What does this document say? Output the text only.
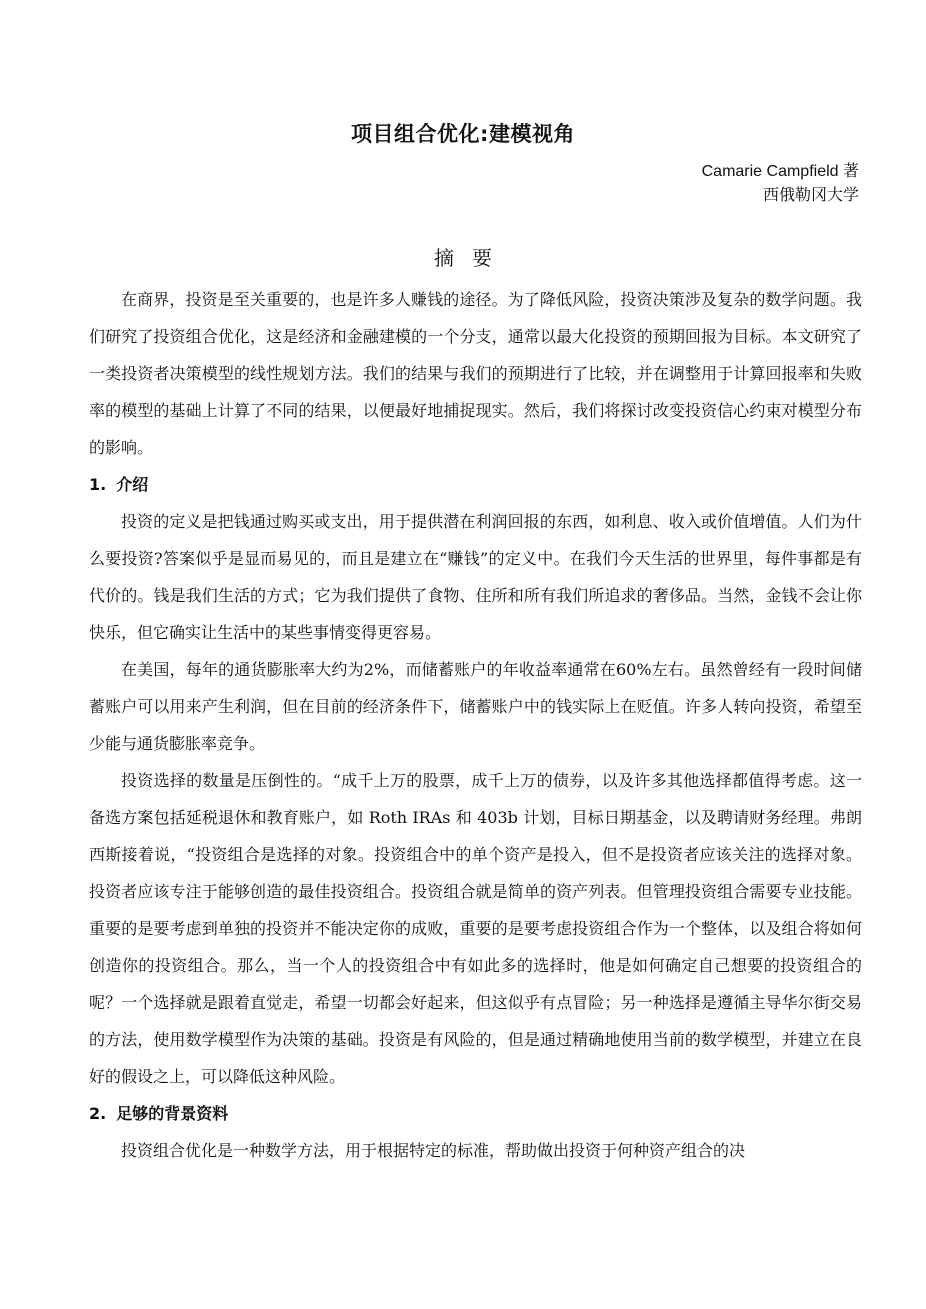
项目组合优化:建模视角
Camarie Campfield 著
西俄勒冈大学
摘要

在商界，投资是至关重要的，也是许多人赚钱的途径。为了降低风险，投资决策涉及复杂的数学问题。我们研究了投资组合优化，这是经济和金融建模的一个分支，通常以最大化投资的预期回报为目标。本文研究了一类投资者决策模型的线性规划方法。我们的结果与我们的预期进行了比较，并在调整用于计算回报率和失败率的模型的基础上计算了不同的结果，以便最好地捕捉现实。然后，我们将探讨改变投资信心约束对模型分布的影响。

1. 介绍

投资的定义是把钱通过购买或支出，用于提供潜在利润回报的东西，如利息、收入或价值增值。人们为什么要投资?答案似乎是显而易见的，而且是建立在“赚钱”的定义中。在我们今天生活的世界里，每件事都是有代价的。钱是我们生活的方式；它为我们提供了食物、住所和所有我们所追求的奢侈品。当然，金钱不会让你快乐，但它确实让生活中的某些事情变得更容易。

在美国，每年的通货膨胀率大约为2%，而储蓄账户的年收益率通常在60%左右。虽然曾经有一段时间储蓄账户可以用来产生利润，但在目前的经济条件下，储蓄账户中的钱实际上在贬值。许多人转向投资，希望至少能与通货膨胀率竞争。

投资选择的数量是压倒性的。“成千上万的股票，成千上万的债券，以及许多其他选择都值得考虑。这一备选方案包括延税退休和教育账户，如 Roth IRAs 和 403b 计划，目标日期基金，以及聘请财务经理。弗朗西斯接着说，“投资组合是选择的对象。投资组合中的单个资产是投入，但不是投资者应该关注的选择对象。投资者应该专注于能够创造的最佳投资组合。投资组合就是简单的资产列表。但管理投资组合需要专业技能。重要的是要考虑到单独的投资并不能决定你的成败，重要的是要考虑投资组合作为一个整体，以及组合将如何创造你的投资组合。那么，当一个人的投资组合中有如此多的选择时，他是如何确定自己想要的投资组合的呢？一个选择就是跟着直觉走，希望一切都会好起来，但这似乎有点冒险；另一种选择是遵循主导华尔街交易的方法，使用数学模型作为决策的基础。投资是有风险的，但是通过精确地使用当前的数学模型，并建立在良好的假设之上，可以降低这种风险。

2. 足够的背景资料

投资组合优化是一种数学方法，用于根据特定的标准，帮助做出投资于何种资产组合的决
